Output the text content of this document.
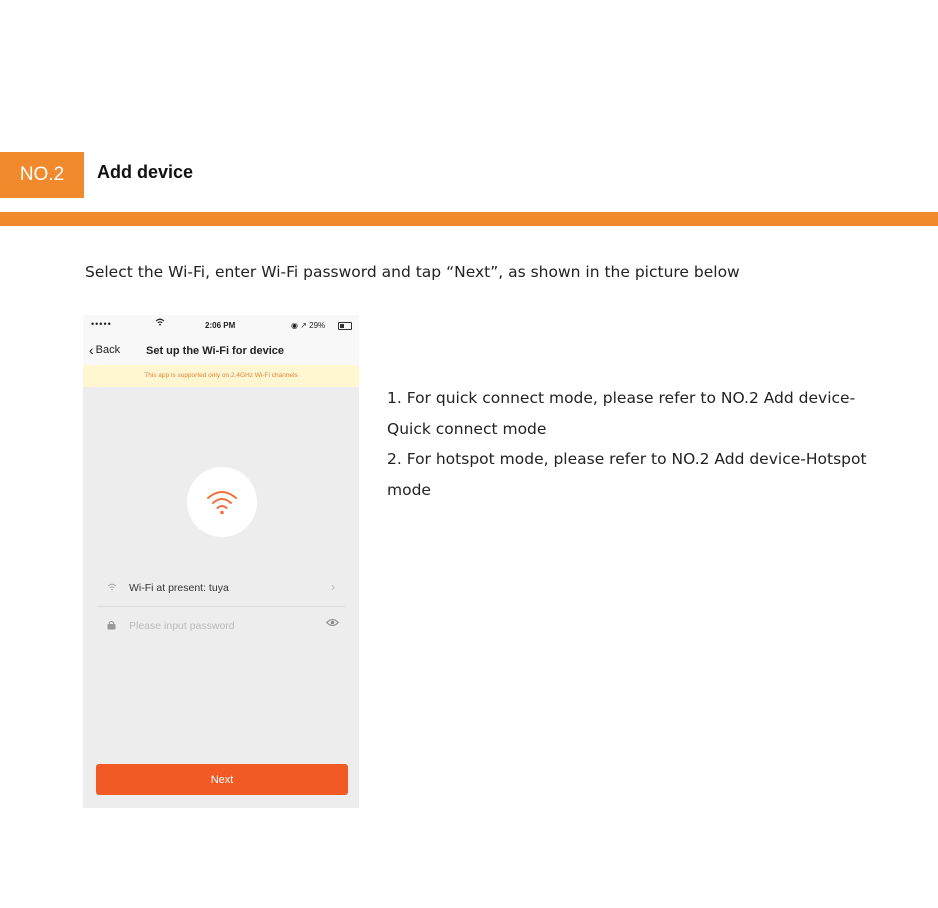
NO.2	Add device
Select the Wi-Fi, enter Wi-Fi password and tap “Next”, as shown in the picture below
•••••	2:06 PM	◉ ↗ 29%
‹ Back Set up the Wi-Fi for device
This app is supported only on 2.4GHz Wi-Fi channels
Wi-Fi at present: tuya	›
Please input password
Next
1. For quick connect mode, please refer to NO.2 Add device-
Quick connect mode
2. For hotspot mode, please refer to NO.2 Add device-Hotspot
mode
